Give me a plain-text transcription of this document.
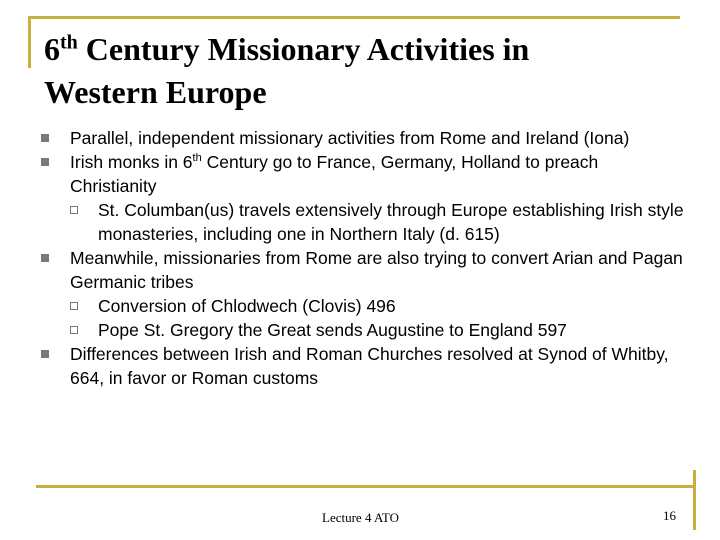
6th Century Missionary Activities in
Western Europe

Parallel, independent missionary activities from Rome and Ireland (Iona)

Irish monks in 6th Century go to France, Germany, Holland to preach Christianity

St. Columban(us) travels extensively through Europe establishing Irish style monasteries, including one in Northern Italy (d. 615)

Meanwhile, missionaries from Rome are also trying to convert Arian and Pagan Germanic tribes

Conversion of Chlodwech (Clovis) 496

Pope St. Gregory the Great sends Augustine to England 597

Differences between Irish and Roman Churches resolved at Synod of Whitby, 664, in favor or Roman customs

Lecture 4 ATO	16
